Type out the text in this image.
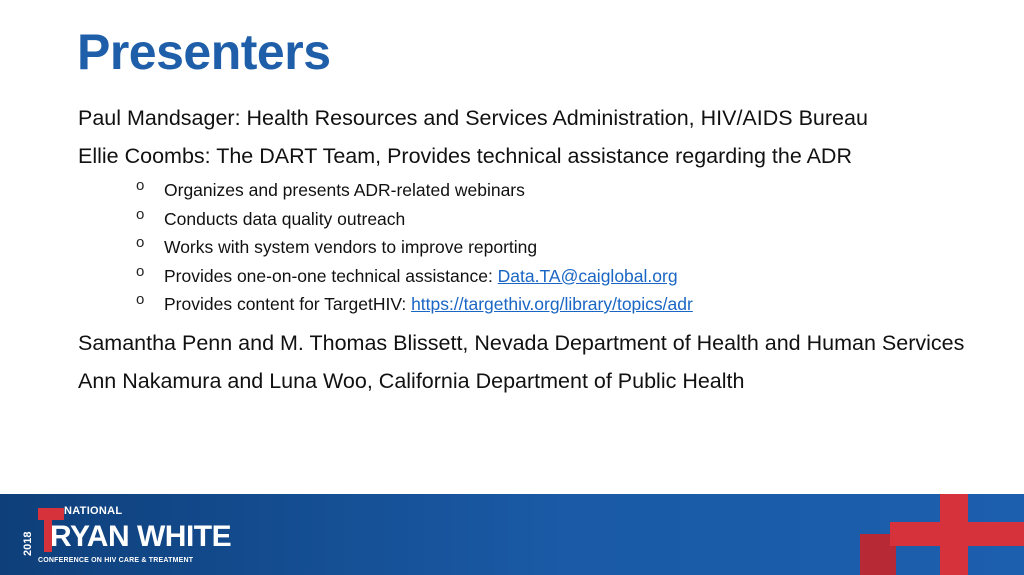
Presenters

Paul Mandsager: Health Resources and Services Administration, HIV/AIDS Bureau

Ellie Coombs: The DART Team, Provides technical assistance regarding the ADR

o Organizes and presents ADR-related webinars
o Conducts data quality outreach
o Works with system vendors to improve reporting
o Provides one-on-one technical assistance: Data.TA@caiglobal.org
o Provides content for TargetHIV: https://targethiv.org/library/topics/adr

Samantha Penn and M. Thomas Blissett, Nevada Department of Health and Human Services

Ann Nakamura and Luna Woo, California Department of Public Health

2018
NATIONAL
RYAN WHITE
CONFERENCE ON HIV CARE & TREATMENT
